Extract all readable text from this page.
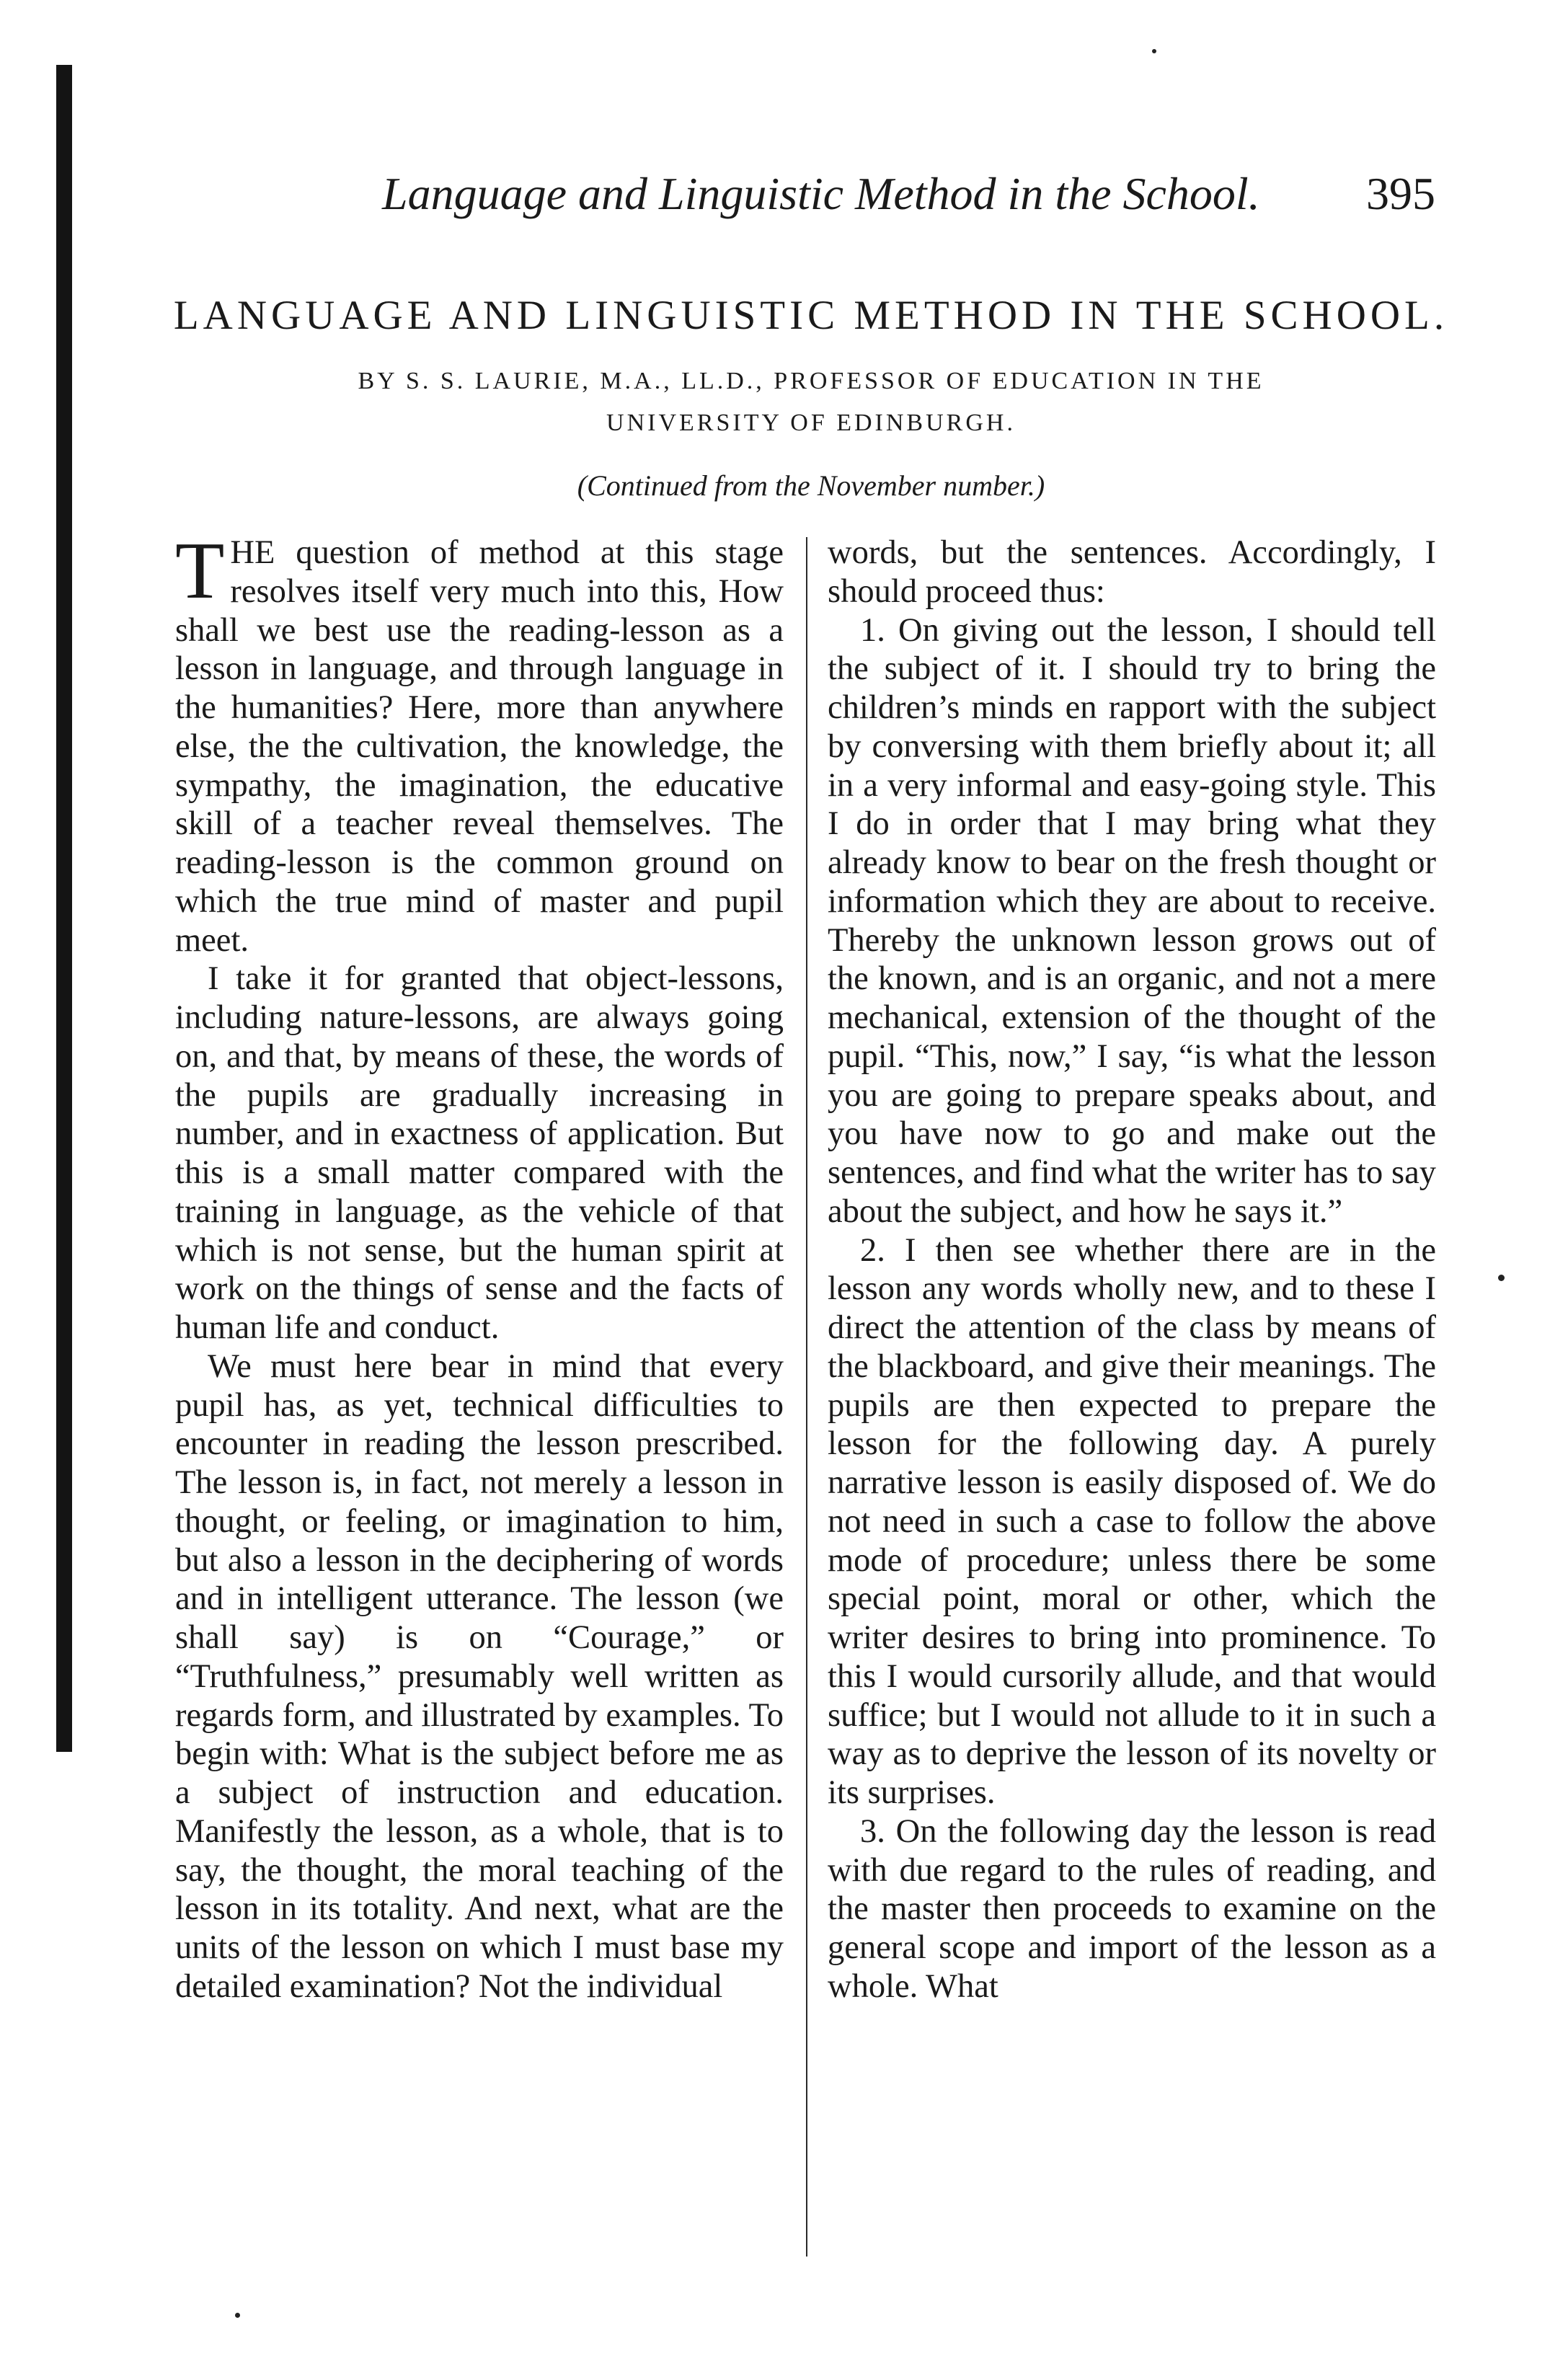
Language and Linguistic Method in the School.	395
LANGUAGE AND LINGUISTIC METHOD IN THE SCHOOL.
BY S. S. LAURIE, M.A., LL.D., PROFESSOR OF EDUCATION IN THE
UNIVERSITY OF EDINBURGH.
(Continued from the November number.)

THE question of method at this stage resolves itself very much into this, How shall we best use the reading-lesson as a lesson in language, and through language in the humanities? Here, more than anywhere else, the the cultivation, the knowledge, the sympathy, the imagination, the educative skill of a teacher reveal themselves. The reading-lesson is the common ground on which the true mind of master and pupil meet.

I take it for granted that object-lessons, including nature-lessons, are always going on, and that, by means of these, the words of the pupils are gradually increasing in number, and in exactness of application. But this is a small matter compared with the training in language, as the vehicle of that which is not sense, but the human spirit at work on the things of sense and the facts of human life and conduct.

We must here bear in mind that every pupil has, as yet, technical difficulties to encounter in reading the lesson prescribed. The lesson is, in fact, not merely a lesson in thought, or feeling, or imagination to him, but also a lesson in the deciphering of words and in intelligent utterance. The lesson (we shall say) is on “Courage,” or “Truthfulness,” presumably well written as regards form, and illustrated by examples. To begin with: What is the subject before me as a subject of instruction and education. Manifestly the lesson, as a whole, that is to say, the thought, the moral teaching of the lesson in its totality. And next, what are the units of the lesson on which I must base my detailed examination? Not the individual

words, but the sentences. Accordingly, I should proceed thus:

1. On giving out the lesson, I should tell the subject of it. I should try to bring the children’s minds en rapport with the subject by conversing with them briefly about it; all in a very informal and easy-going style. This I do in order that I may bring what they already know to bear on the fresh thought or information which they are about to receive. Thereby the unknown lesson grows out of the known, and is an organic, and not a mere mechanical, extension of the thought of the pupil. “This, now,” I say, “is what the lesson you are going to prepare speaks about, and you have now to go and make out the sentences, and find what the writer has to say about the subject, and how he says it.”

2. I then see whether there are in the lesson any words wholly new, and to these I direct the attention of the class by means of the blackboard, and give their meanings. The pupils are then expected to prepare the lesson for the following day. A purely narrative lesson is easily disposed of. We do not need in such a case to follow the above mode of procedure; unless there be some special point, moral or other, which the writer desires to bring into prominence. To this I would cursorily allude, and that would suffice; but I would not allude to it in such a way as to deprive the lesson of its novelty or its surprises.

3. On the following day the lesson is read with due regard to the rules of reading, and the master then proceeds to examine on the general scope and import of the lesson as a whole. What
